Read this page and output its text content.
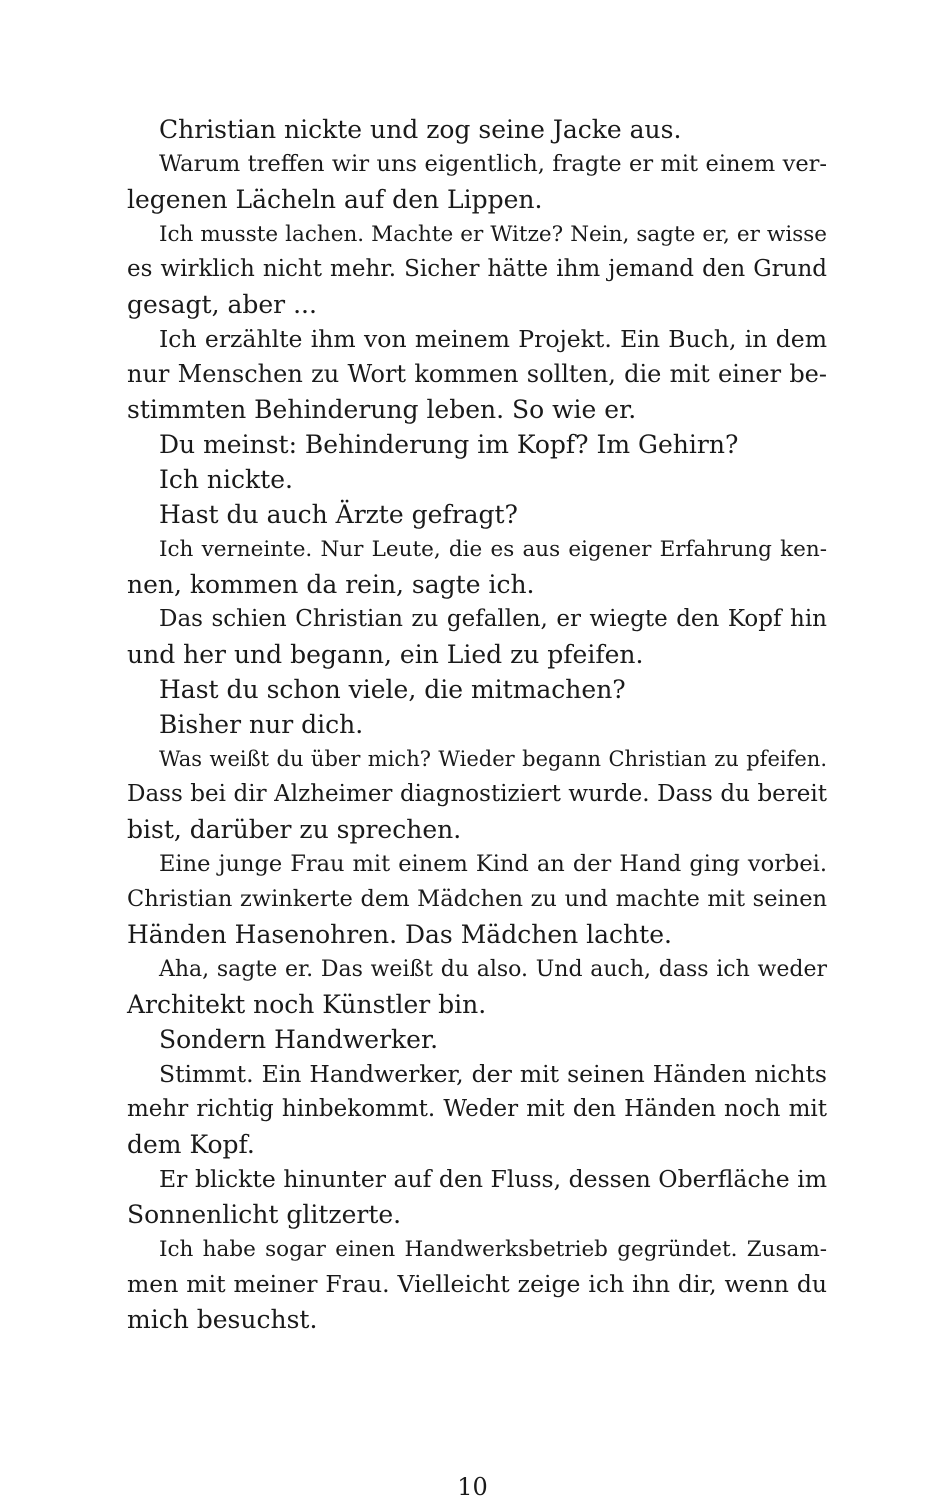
Christian nickte und zog seine Jacke aus.
Warum treffen wir uns eigentlich, fragte er mit einem ver-
legenen Lächeln auf den Lippen.
Ich musste lachen. Machte er Witze? Nein, sagte er, er wisse
es wirklich nicht mehr. Sicher hätte ihm jemand den Grund
gesagt, aber ...
Ich erzählte ihm von meinem Projekt. Ein Buch, in dem
nur Menschen zu Wort kommen sollten, die mit einer be-
stimmten Behinderung leben. So wie er.
Du meinst: Behinderung im Kopf? Im Gehirn?
Ich nickte.
Hast du auch Ärzte gefragt?
Ich verneinte. Nur Leute, die es aus eigener Erfahrung ken-
nen, kommen da rein, sagte ich.
Das schien Christian zu gefallen, er wiegte den Kopf hin
und her und begann, ein Lied zu pfeifen.
Hast du schon viele, die mitmachen?
Bisher nur dich.
Was weißt du über mich? Wieder begann Christian zu pfeifen.
Dass bei dir Alzheimer diagnostiziert wurde. Dass du bereit
bist, darüber zu sprechen.
Eine junge Frau mit einem Kind an der Hand ging vorbei.
Christian zwinkerte dem Mädchen zu und machte mit seinen
Händen Hasenohren. Das Mädchen lachte.
Aha, sagte er. Das weißt du also. Und auch, dass ich weder
Architekt noch Künstler bin.
Sondern Handwerker.
Stimmt. Ein Handwerker, der mit seinen Händen nichts
mehr richtig hinbekommt. Weder mit den Händen noch mit
dem Kopf.
Er blickte hinunter auf den Fluss, dessen Oberfläche im
Sonnenlicht glitzerte.
Ich habe sogar einen Handwerksbetrieb gegründet. Zusam-
men mit meiner Frau. Vielleicht zeige ich ihn dir, wenn du
mich besuchst.
10
